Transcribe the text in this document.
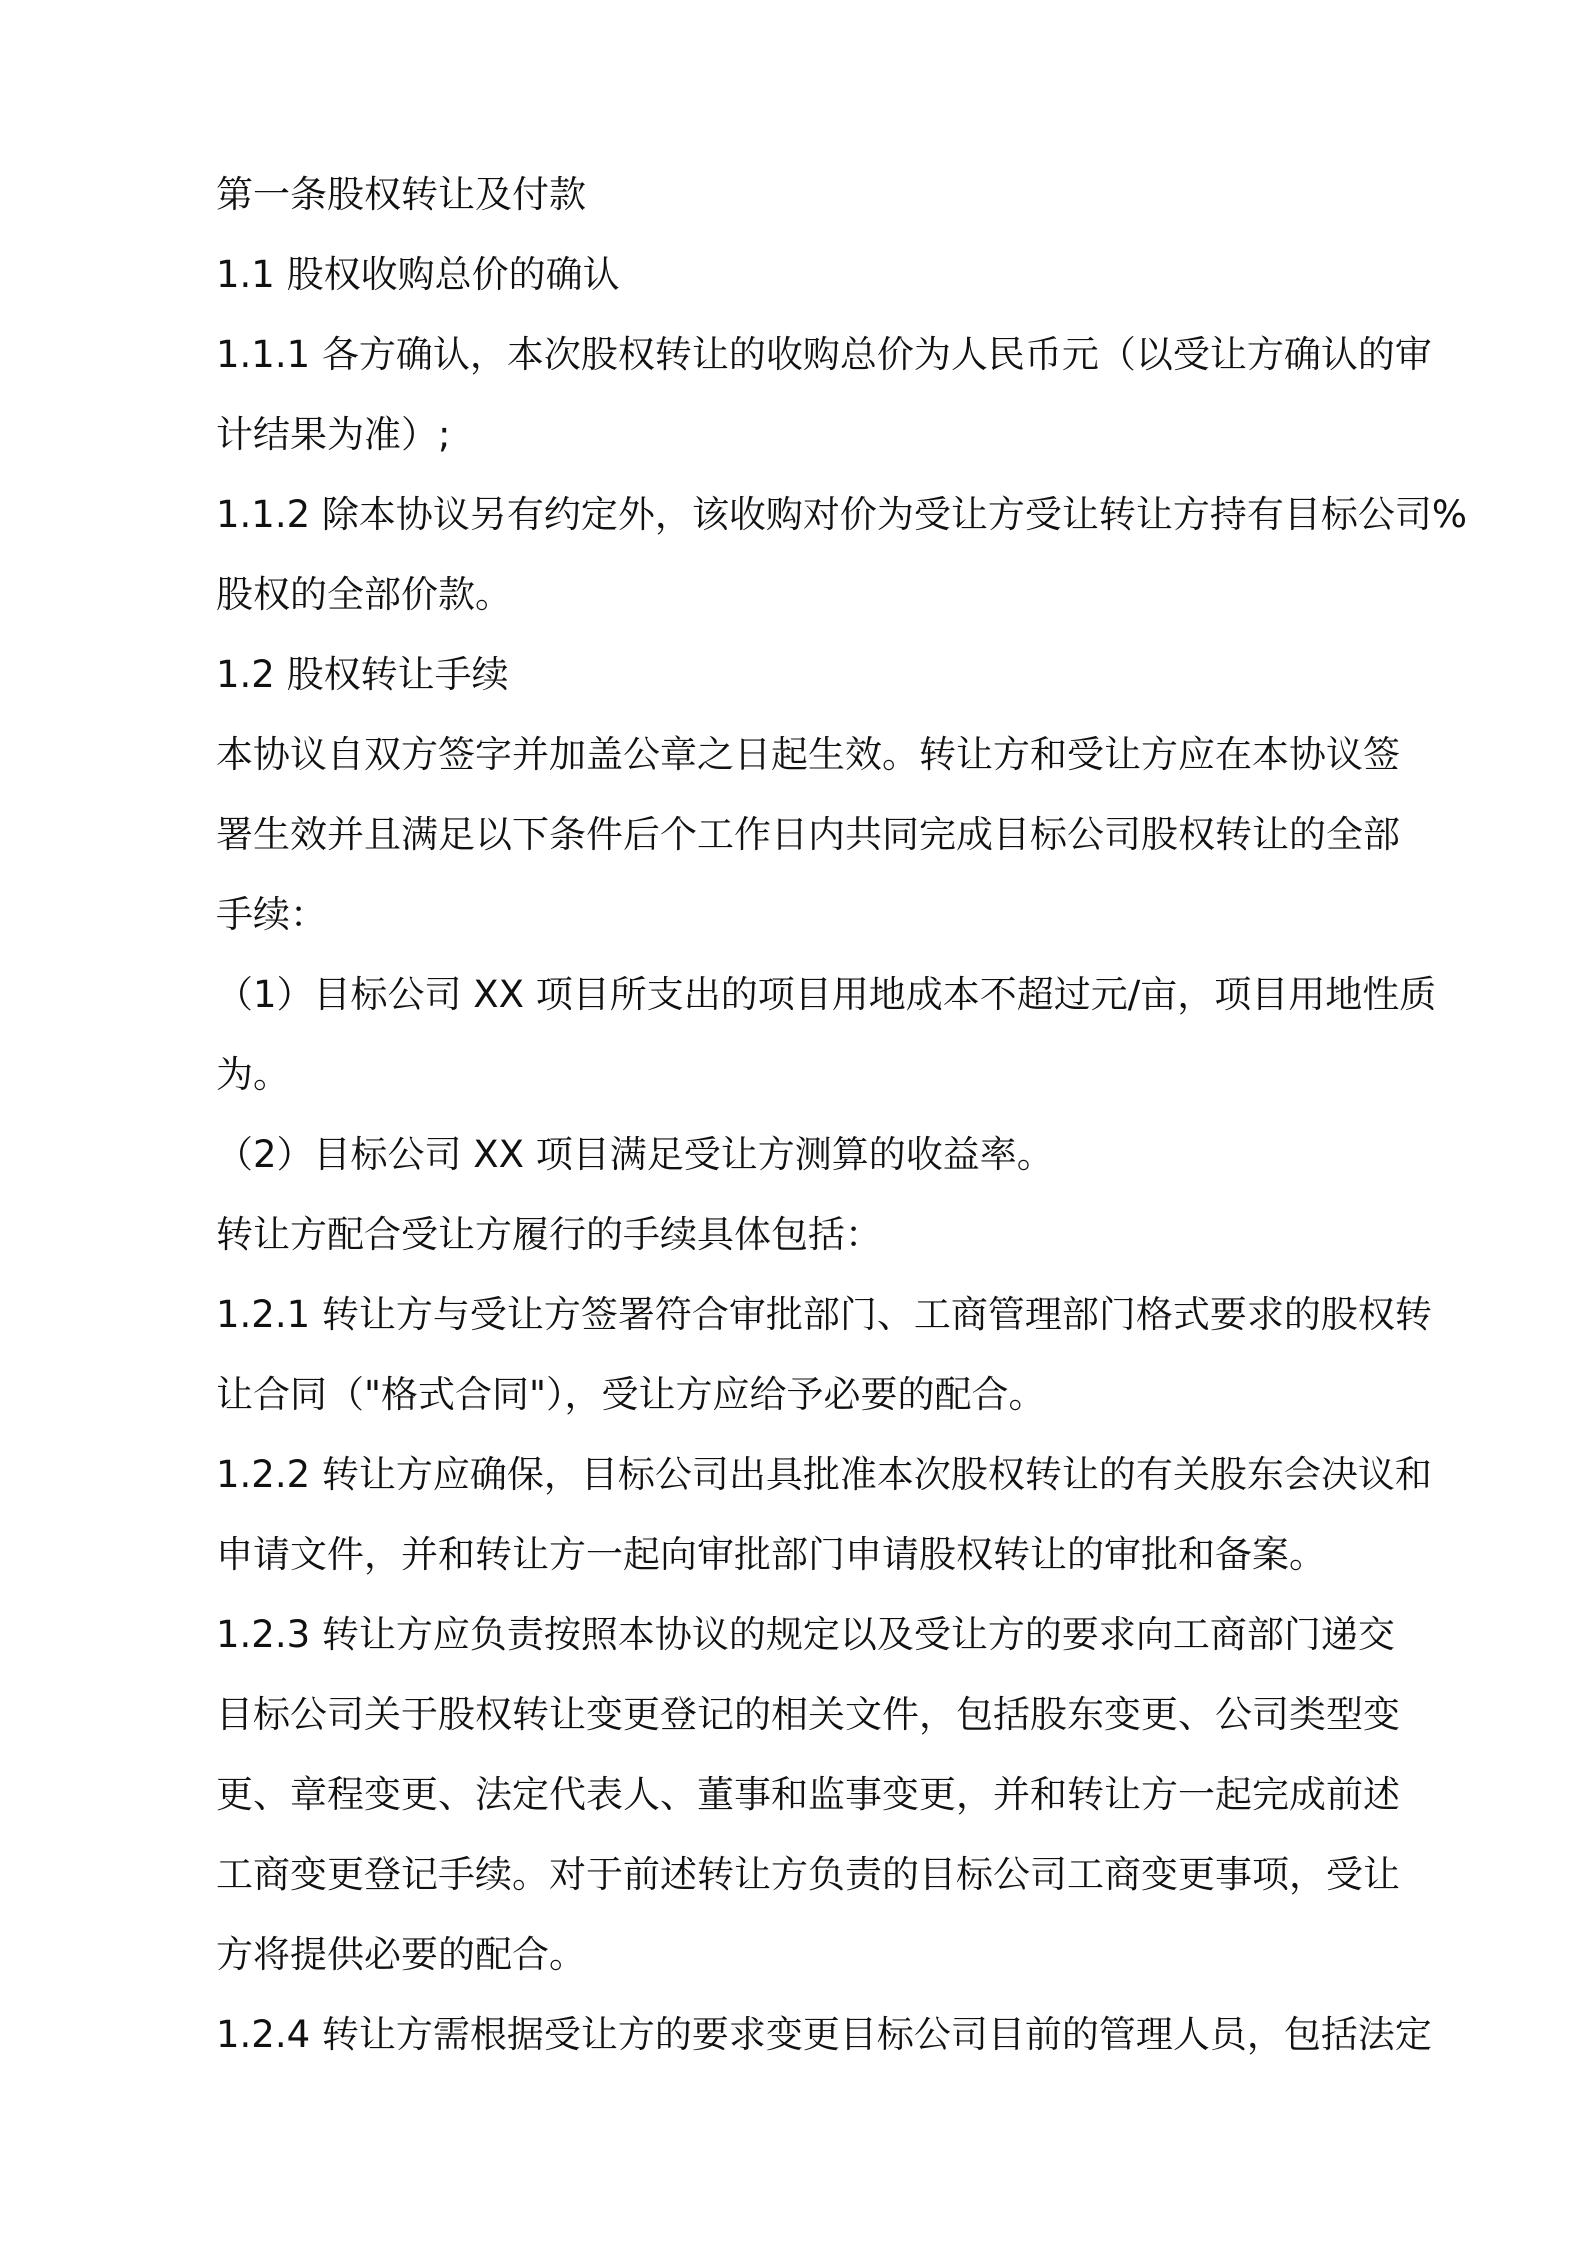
第一条股权转让及付款
1.1 股权收购总价的确认
1.1.1 各方确认，本次股权转让的收购总价为人民币元（以受让方确认的审
计结果为准）;
1.1.2 除本协议另有约定外，该收购对价为受让方受让转让方持有目标公司%
股权的全部价款。
1.2 股权转让手续
本协议自双方签字并加盖公章之日起生效。转让方和受让方应在本协议签
署生效并且满足以下条件后个工作日内共同完成目标公司股权转让的全部
手续：
（1）目标公司 XX 项目所支出的项目用地成本不超过元/亩，项目用地性质
为。
（2）目标公司 XX 项目满足受让方测算的收益率。
转让方配合受让方履行的手续具体包括：
1.2.1 转让方与受让方签署符合审批部门、工商管理部门格式要求的股权转
让合同（"格式合同"），受让方应给予必要的配合。
1.2.2 转让方应确保，目标公司出具批准本次股权转让的有关股东会决议和
申请文件，并和转让方一起向审批部门申请股权转让的审批和备案。
1.2.3 转让方应负责按照本协议的规定以及受让方的要求向工商部门递交
目标公司关于股权转让变更登记的相关文件，包括股东变更、公司类型变
更、章程变更、法定代表人、董事和监事变更，并和转让方一起完成前述
工商变更登记手续。对于前述转让方负责的目标公司工商变更事项，受让
方将提供必要的配合。
1.2.4 转让方需根据受让方的要求变更目标公司目前的管理人员，包括法定
